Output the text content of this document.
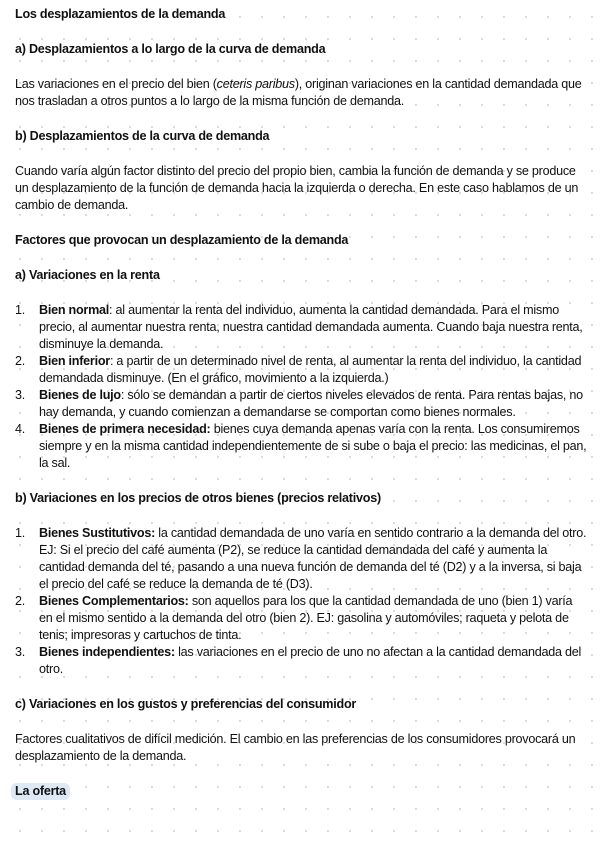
Los desplazamientos de la demanda

a) Desplazamientos a lo largo de la curva de demanda

Las variaciones en el precio del bien (ceteris paribus), originan variaciones en la cantidad demandada que nos trasladan a otros puntos a lo largo de la misma función de demanda.

b) Desplazamientos de la curva de demanda

Cuando varía algún factor distinto del precio del propio bien, cambia la función de demanda y se produce un desplazamiento de la función de demanda hacia la izquierda o derecha. En este caso hablamos de un cambio de demanda.

Factores que provocan un desplazamiento de la demanda

a) Variaciones en la renta

1. Bien normal: al aumentar la renta del individuo, aumenta la cantidad demandada. Para el mismo precio, al aumentar nuestra renta, nuestra cantidad demandada aumenta. Cuando baja nuestra renta, disminuye la demanda.
2. Bien inferior: a partir de un determinado nivel de renta, al aumentar la renta del individuo, la cantidad demandada disminuye. (En el gráfico, movimiento a la izquierda.)
3. Bienes de lujo: sólo se demandan a partir de ciertos niveles elevados de renta. Para rentas bajas, no hay demanda, y cuando comienzan a demandarse se comportan como bienes normales.
4. Bienes de primera necesidad: bienes cuya demanda apenas varía con la renta. Los consumiremos siempre y en la misma cantidad independientemente de si sube o baja el precio: las medicinas, el pan, la sal.

b) Variaciones en los precios de otros bienes (precios relativos)

1. Bienes Sustitutivos: la cantidad demandada de uno varía en sentido contrario a la demanda del otro. EJ: Si el precio del café aumenta (P2), se reduce la cantidad demandada del café y aumenta la cantidad demanda del té, pasando a una nueva función de demanda del té (D2) y a la inversa, si baja el precio del café se reduce la demanda de té (D3).
2. Bienes Complementarios: son aquellos para los que la cantidad demandada de uno (bien 1) varía en el mismo sentido a la demanda del otro (bien 2). EJ: gasolina y automóviles; raqueta y pelota de tenis; impresoras y cartuchos de tinta.
3. Bienes independientes: las variaciones en el precio de uno no afectan a la cantidad demandada del otro.

c) Variaciones en los gustos y preferencias del consumidor

Factores cualitativos de difícil medición. El cambio en las preferencias de los consumidores provocará un desplazamiento de la demanda.

La oferta
